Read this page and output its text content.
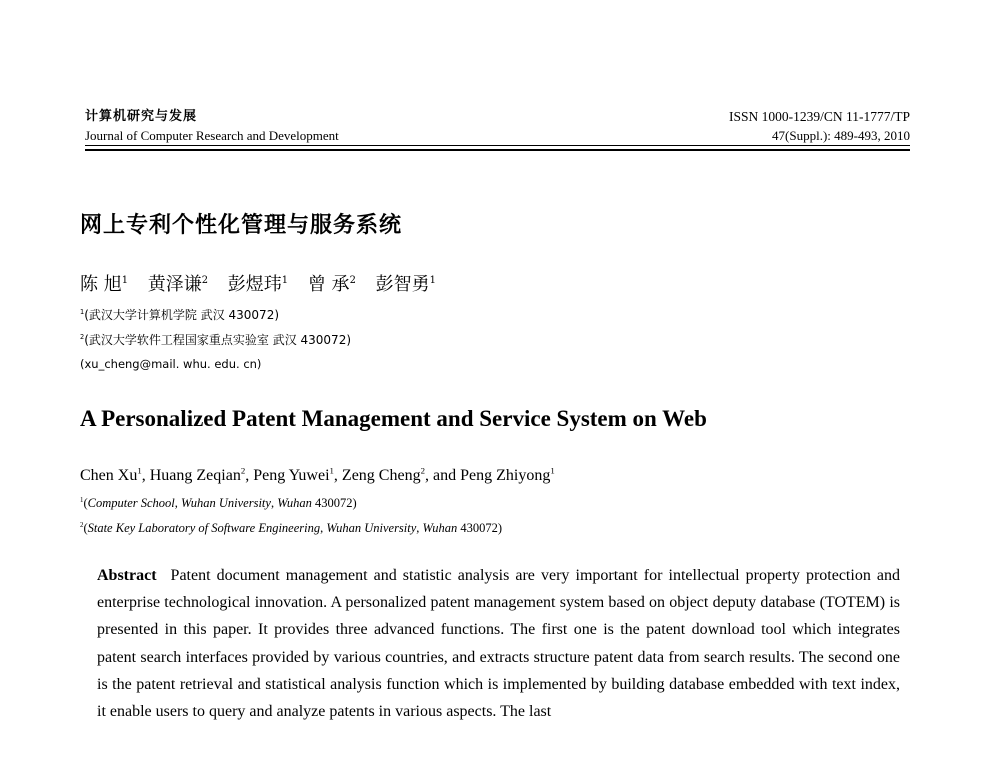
计算机研究与发展
Journal of Computer Research and Development
ISSN 1000-1239/CN 11-1777/TP
47(Suppl.): 489-493, 2010
网上专利个性化管理与服务系统
陈 旭$^1$ 黄泽谦$^2$ 彭煜玮$^1$ 曾 承$^2$ 彭智勇$^1$
$^1$(武汉大学计算机学院 武汉 430072)
$^2$(武汉大学软件工程国家重点实验室 武汉 430072)
(xu_cheng@mail. whu. edu. cn)
A Personalized Patent Management and Service System on Web
Chen Xu$^1$, Huang Zeqian$^2$, Peng Yuwei$^1$, Zeng Cheng$^2$, and Peng Zhiyong$^1$
$^1$(Computer School, Wuhan University, Wuhan 430072)
$^2$(State Key Laboratory of Software Engineering, Wuhan University, Wuhan 430072)
Abstract Patent document management and statistic analysis are very important for intellectual property protection and enterprise technological innovation. A personalized patent management system based on object deputy database (TOTEM) is presented in this paper. It provides three advanced functions. The first one is the patent download tool which integrates patent search interfaces provided by various countries, and extracts structure patent data from search results. The second one is the patent retrieval and statistical analysis function which is implemented by building database embedded with text index, it enable users to query and analyze patents in various aspects. The last
